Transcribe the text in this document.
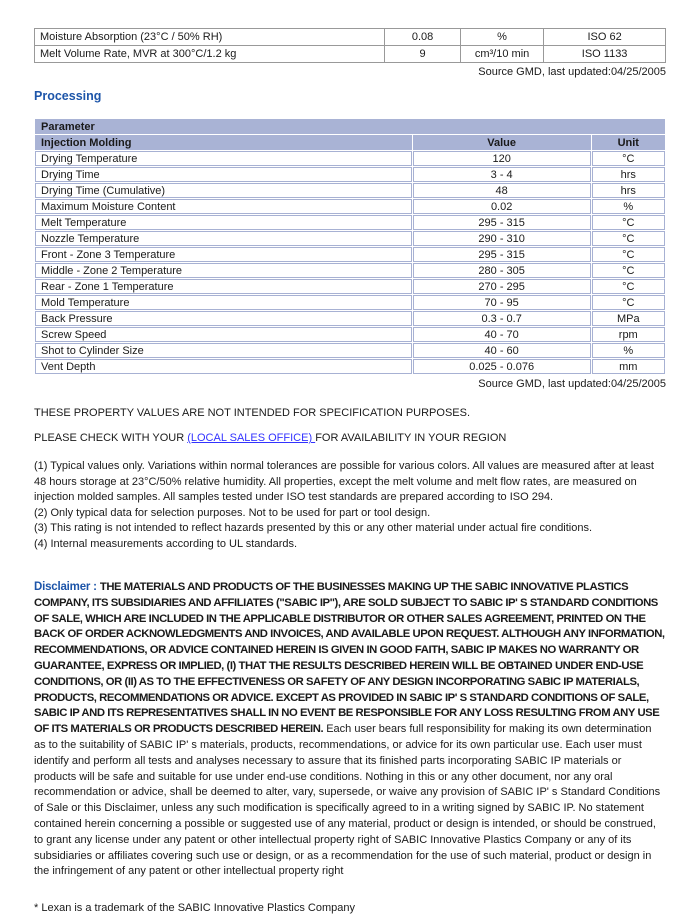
Moisture Absorption (23°C / 50% RH)	0.08	%	ISO 62
Melt Volume Rate, MVR at 300°C/1.2 kg	9	cm³/10 min	ISO 1133
Source GMD, last updated:04/25/2005
Processing
Parameter		
Injection Molding	Value	Unit
Drying Temperature	120	°C
Drying Time	3 - 4	hrs
Drying Time (Cumulative)	48	hrs
Maximum Moisture Content	0.02	%
Melt Temperature	295 - 315	°C
Nozzle Temperature	290 - 310	°C
Front - Zone 3 Temperature	295 - 315	°C
Middle - Zone 2 Temperature	280 - 305	°C
Rear - Zone 1 Temperature	270 - 295	°C
Mold Temperature	70 - 95	°C
Back Pressure	0.3 - 0.7	MPa
Screw Speed	40 - 70	rpm
Shot to Cylinder Size	40 - 60	%
Vent Depth	0.025 - 0.076	mm
Source GMD, last updated:04/25/2005
THESE PROPERTY VALUES ARE NOT INTENDED FOR SPECIFICATION PURPOSES.
PLEASE CHECK WITH YOUR (LOCAL SALES OFFICE) FOR AVAILABILITY IN YOUR REGION
(1) Typical values only. Variations within normal tolerances are possible for various colors. All values are measured after at least 48 hours storage at 23°C/50% relative humidity. All properties, except the melt volume and melt flow rates, are measured on injection molded samples. All samples tested under ISO test standards are prepared according to ISO 294.
(2) Only typical data for selection purposes. Not to be used for part or tool design.
(3) This rating is not intended to reflect hazards presented by this or any other material under actual fire conditions.
(4) Internal measurements according to UL standards.
Disclaimer : THE MATERIALS AND PRODUCTS OF THE BUSINESSES MAKING UP THE SABIC INNOVATIVE PLASTICS COMPANY, ITS SUBSIDIARIES AND AFFILIATES ("SABIC IP"), ARE SOLD SUBJECT TO SABIC IP' S STANDARD CONDITIONS OF SALE, WHICH ARE INCLUDED IN THE APPLICABLE DISTRIBUTOR OR OTHER SALES AGREEMENT, PRINTED ON THE BACK OF ORDER ACKNOWLEDGMENTS AND INVOICES, AND AVAILABLE UPON REQUEST. ALTHOUGH ANY INFORMATION, RECOMMENDATIONS, OR ADVICE CONTAINED HEREIN IS GIVEN IN GOOD FAITH, SABIC IP MAKES NO WARRANTY OR GUARANTEE, EXPRESS OR IMPLIED, (I) THAT THE RESULTS DESCRIBED HEREIN WILL BE OBTAINED UNDER END-USE CONDITIONS, OR (II) AS TO THE EFFECTIVENESS OR SAFETY OF ANY DESIGN INCORPORATING SABIC IP MATERIALS, PRODUCTS, RECOMMENDATIONS OR ADVICE. EXCEPT AS PROVIDED IN SABIC IP' S STANDARD CONDITIONS OF SALE, SABIC IP AND ITS REPRESENTATIVES SHALL IN NO EVENT BE RESPONSIBLE FOR ANY LOSS RESULTING FROM ANY USE OF ITS MATERIALS OR PRODUCTS DESCRIBED HEREIN. Each user bears full responsibility for making its own determination as to the suitability of SABIC IP' s materials, products, recommendations, or advice for its own particular use. Each user must identify and perform all tests and analyses necessary to assure that its finished parts incorporating SABIC IP materials or products will be safe and suitable for use under end-use conditions. Nothing in this or any other document, nor any oral recommendation or advice, shall be deemed to alter, vary, supersede, or waive any provision of SABIC IP' s Standard Conditions of Sale or this Disclaimer, unless any such modification is specifically agreed to in a writing signed by SABIC IP. No statement contained herein concerning a possible or suggested use of any material, product or design is intended, or should be construed, to grant any license under any patent or other intellectual property right of SABIC Innovative Plastics Company or any of its subsidiaries or affiliates covering such use or design, or as a recommendation for the use of such material, product or design in the infringement of any patent or other intellectual property right
* Lexan is a trademark of the SABIC Innovative Plastics Company
